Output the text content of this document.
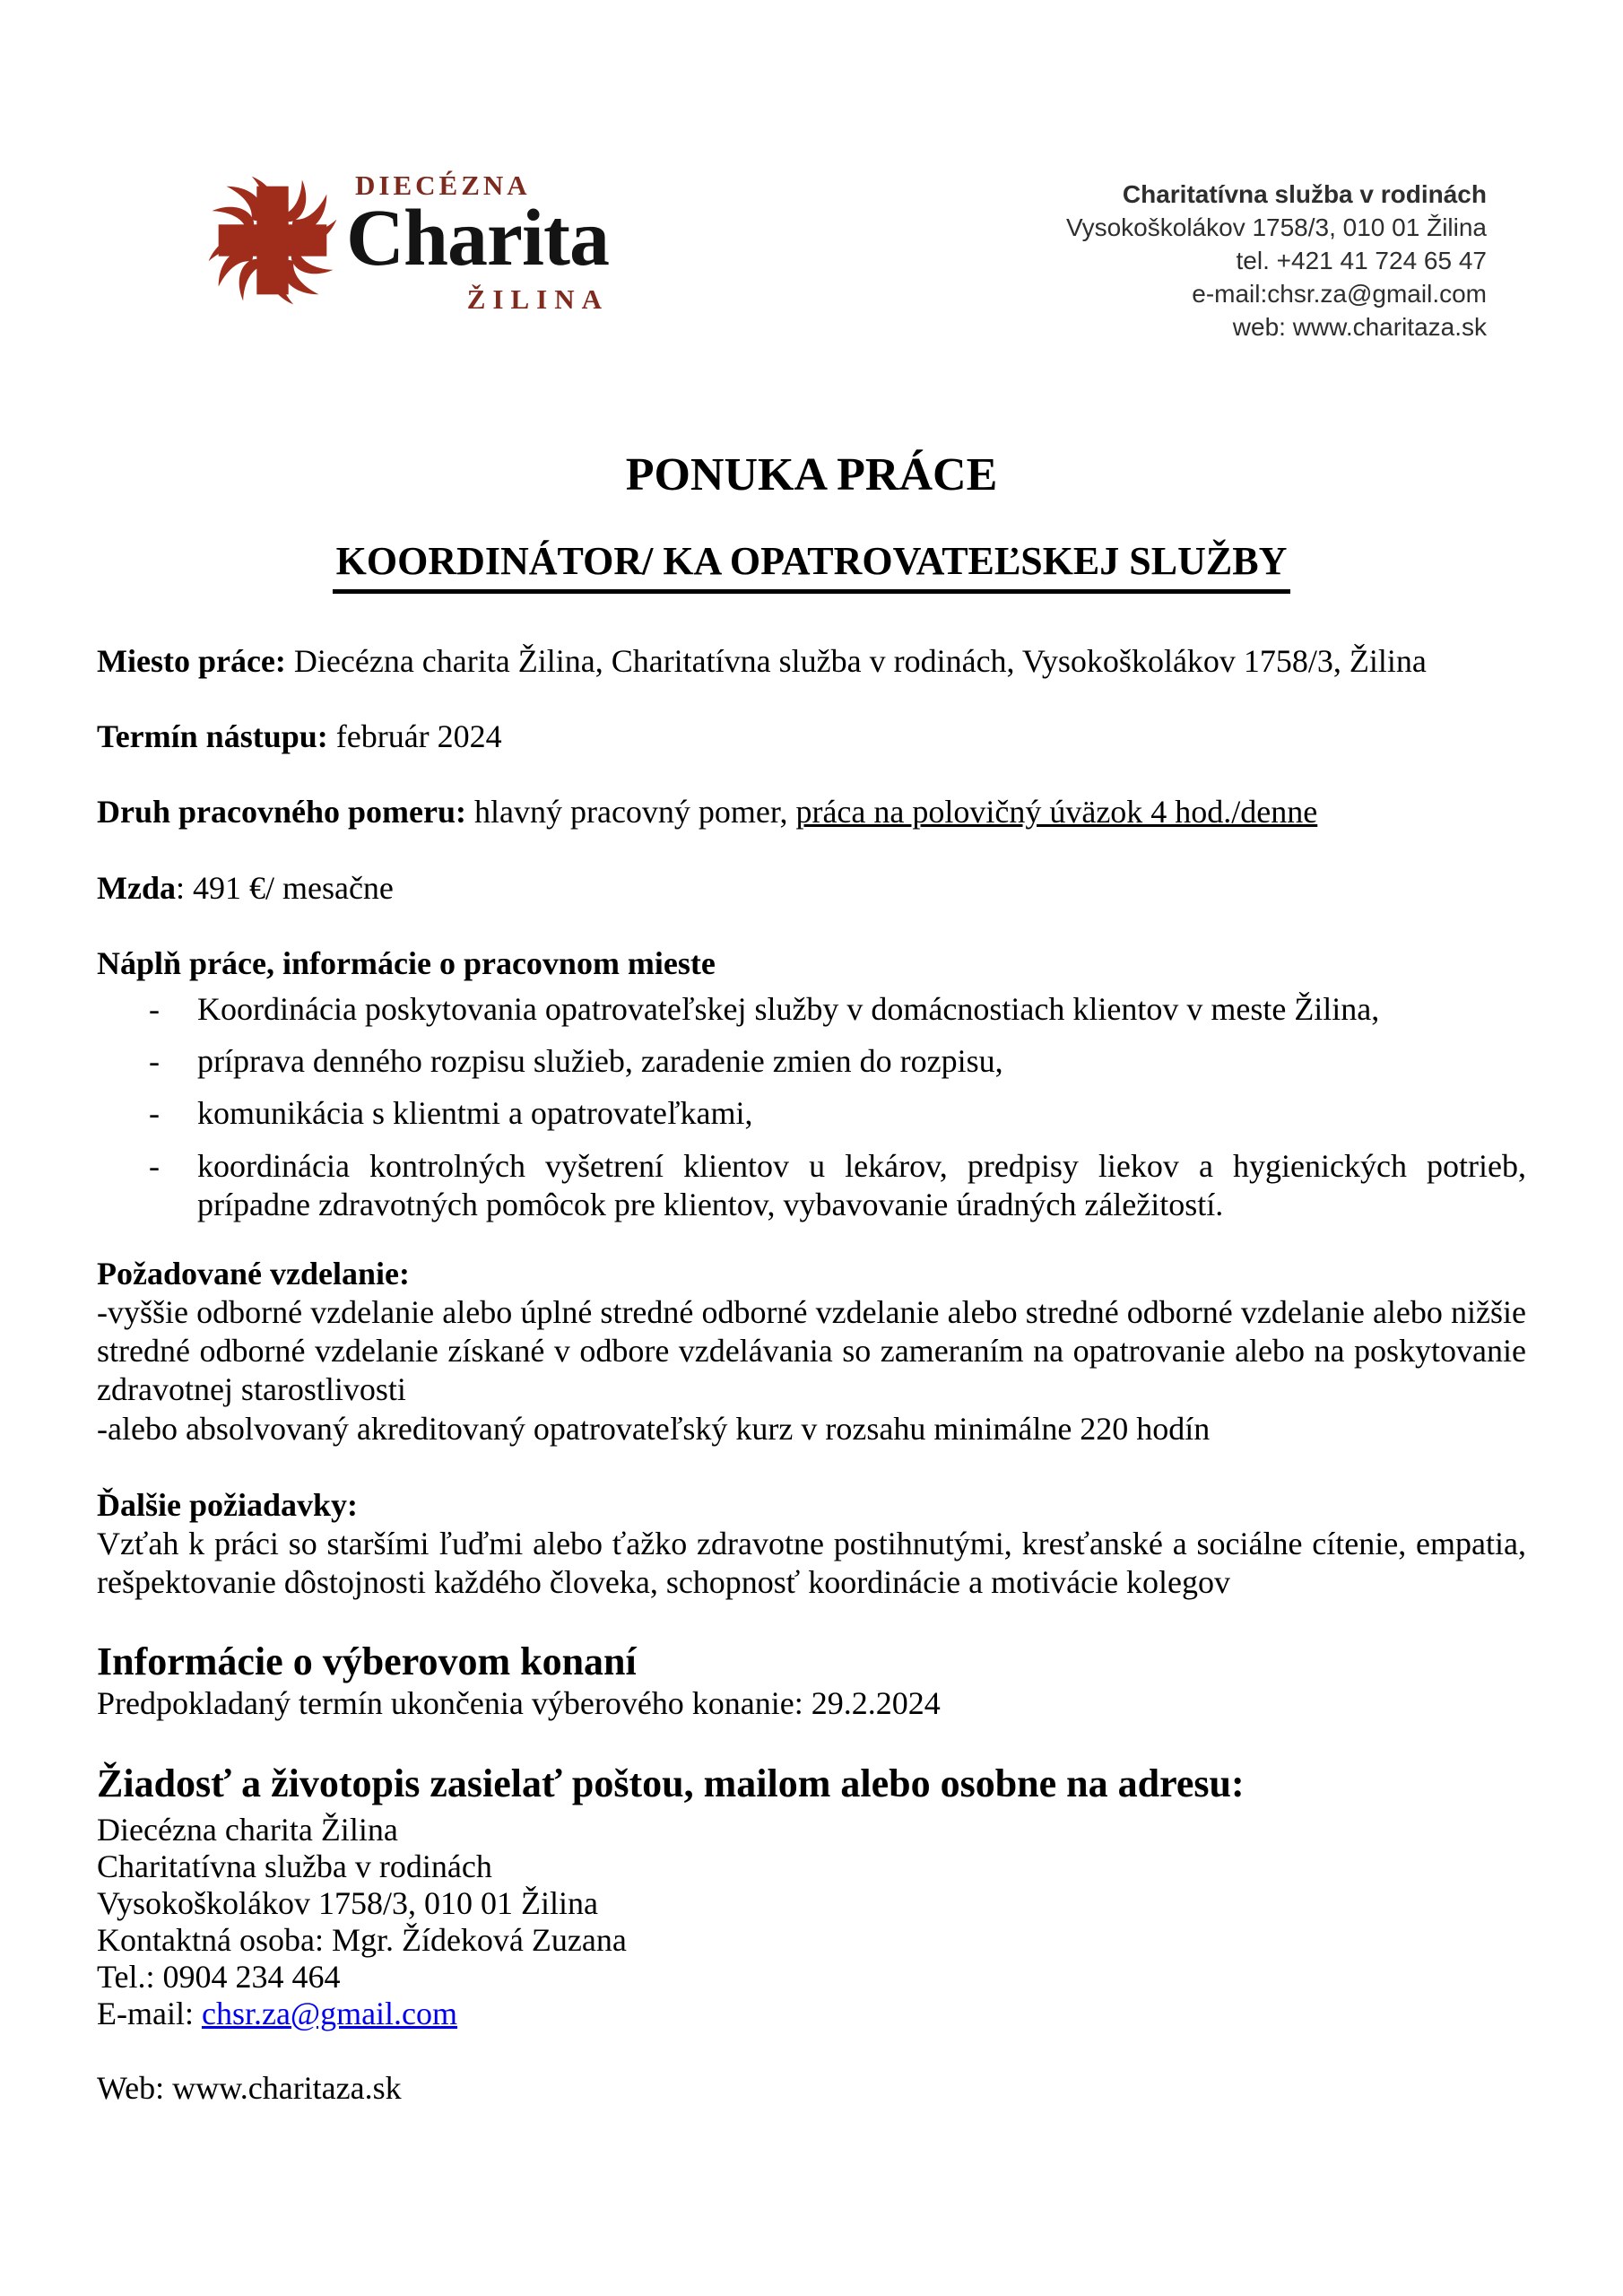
DIECÉZNA
Charita
ŽILINA
Charitatívna služba v rodinách
Vysokoškolákov 1758/3, 010 01 Žilina
tel. +421 41 724 65 47
e-mail:chsr.za@gmail.com
web: www.charitaza.sk
PONUKA PRÁCE
KOORDINÁTOR/ KA OPATROVATEĽSKEJ SLUŽBY

Miesto práce: Diecézna charita Žilina, Charitatívna služba v rodinách, Vysokoškolákov 1758/3, Žilina

Termín nástupu: február 2024

Druh pracovného pomeru: hlavný pracovný pomer, práca na polovičný úväzok 4 hod./denne

Mzda: 491 €/ mesačne

Náplň práce, informácie o pracovnom mieste

-	Koordinácia poskytovania opatrovateľskej služby v domácnostiach klientov v meste Žilina,
-	príprava denného rozpisu služieb, zaradenie zmien do rozpisu,
-	komunikácia s klientmi a opatrovateľkami,
-	koordinácia kontrolných vyšetrení klientov u lekárov, predpisy liekov a hygienických potrieb, prípadne zdravotných pomôcok pre klientov, vybavovanie úradných záležitostí.

Požadované vzdelanie:

-vyššie odborné vzdelanie alebo úplné stredné odborné vzdelanie alebo stredné odborné vzdelanie alebo nižšie stredné odborné vzdelanie získané v odbore vzdelávania so zameraním na opatrovanie alebo na poskytovanie zdravotnej starostlivosti

-alebo absolvovaný akreditovaný opatrovateľský kurz v rozsahu minimálne 220 hodín

Ďalšie požiadavky:

Vzťah k práci so staršími ľuďmi alebo ťažko zdravotne postihnutými, kresťanské a sociálne cítenie, empatia, rešpektovanie dôstojnosti každého človeka, schopnosť koordinácie a motivácie kolegov

Informácie o výberovom konaní

Predpokladaný termín ukončenia výberového konanie: 29.2.2024

Žiadosť a životopis zasielať poštou, mailom alebo osobne na adresu:

Diecézna charita Žilina

Charitatívna služba v rodinách

Vysokoškolákov 1758/3, 010 01 Žilina

Kontaktná osoba: Mgr. Žídeková Zuzana

Tel.: 0904 234 464

E-mail: chsr.za@gmail.com

Web: www.charitaza.sk
